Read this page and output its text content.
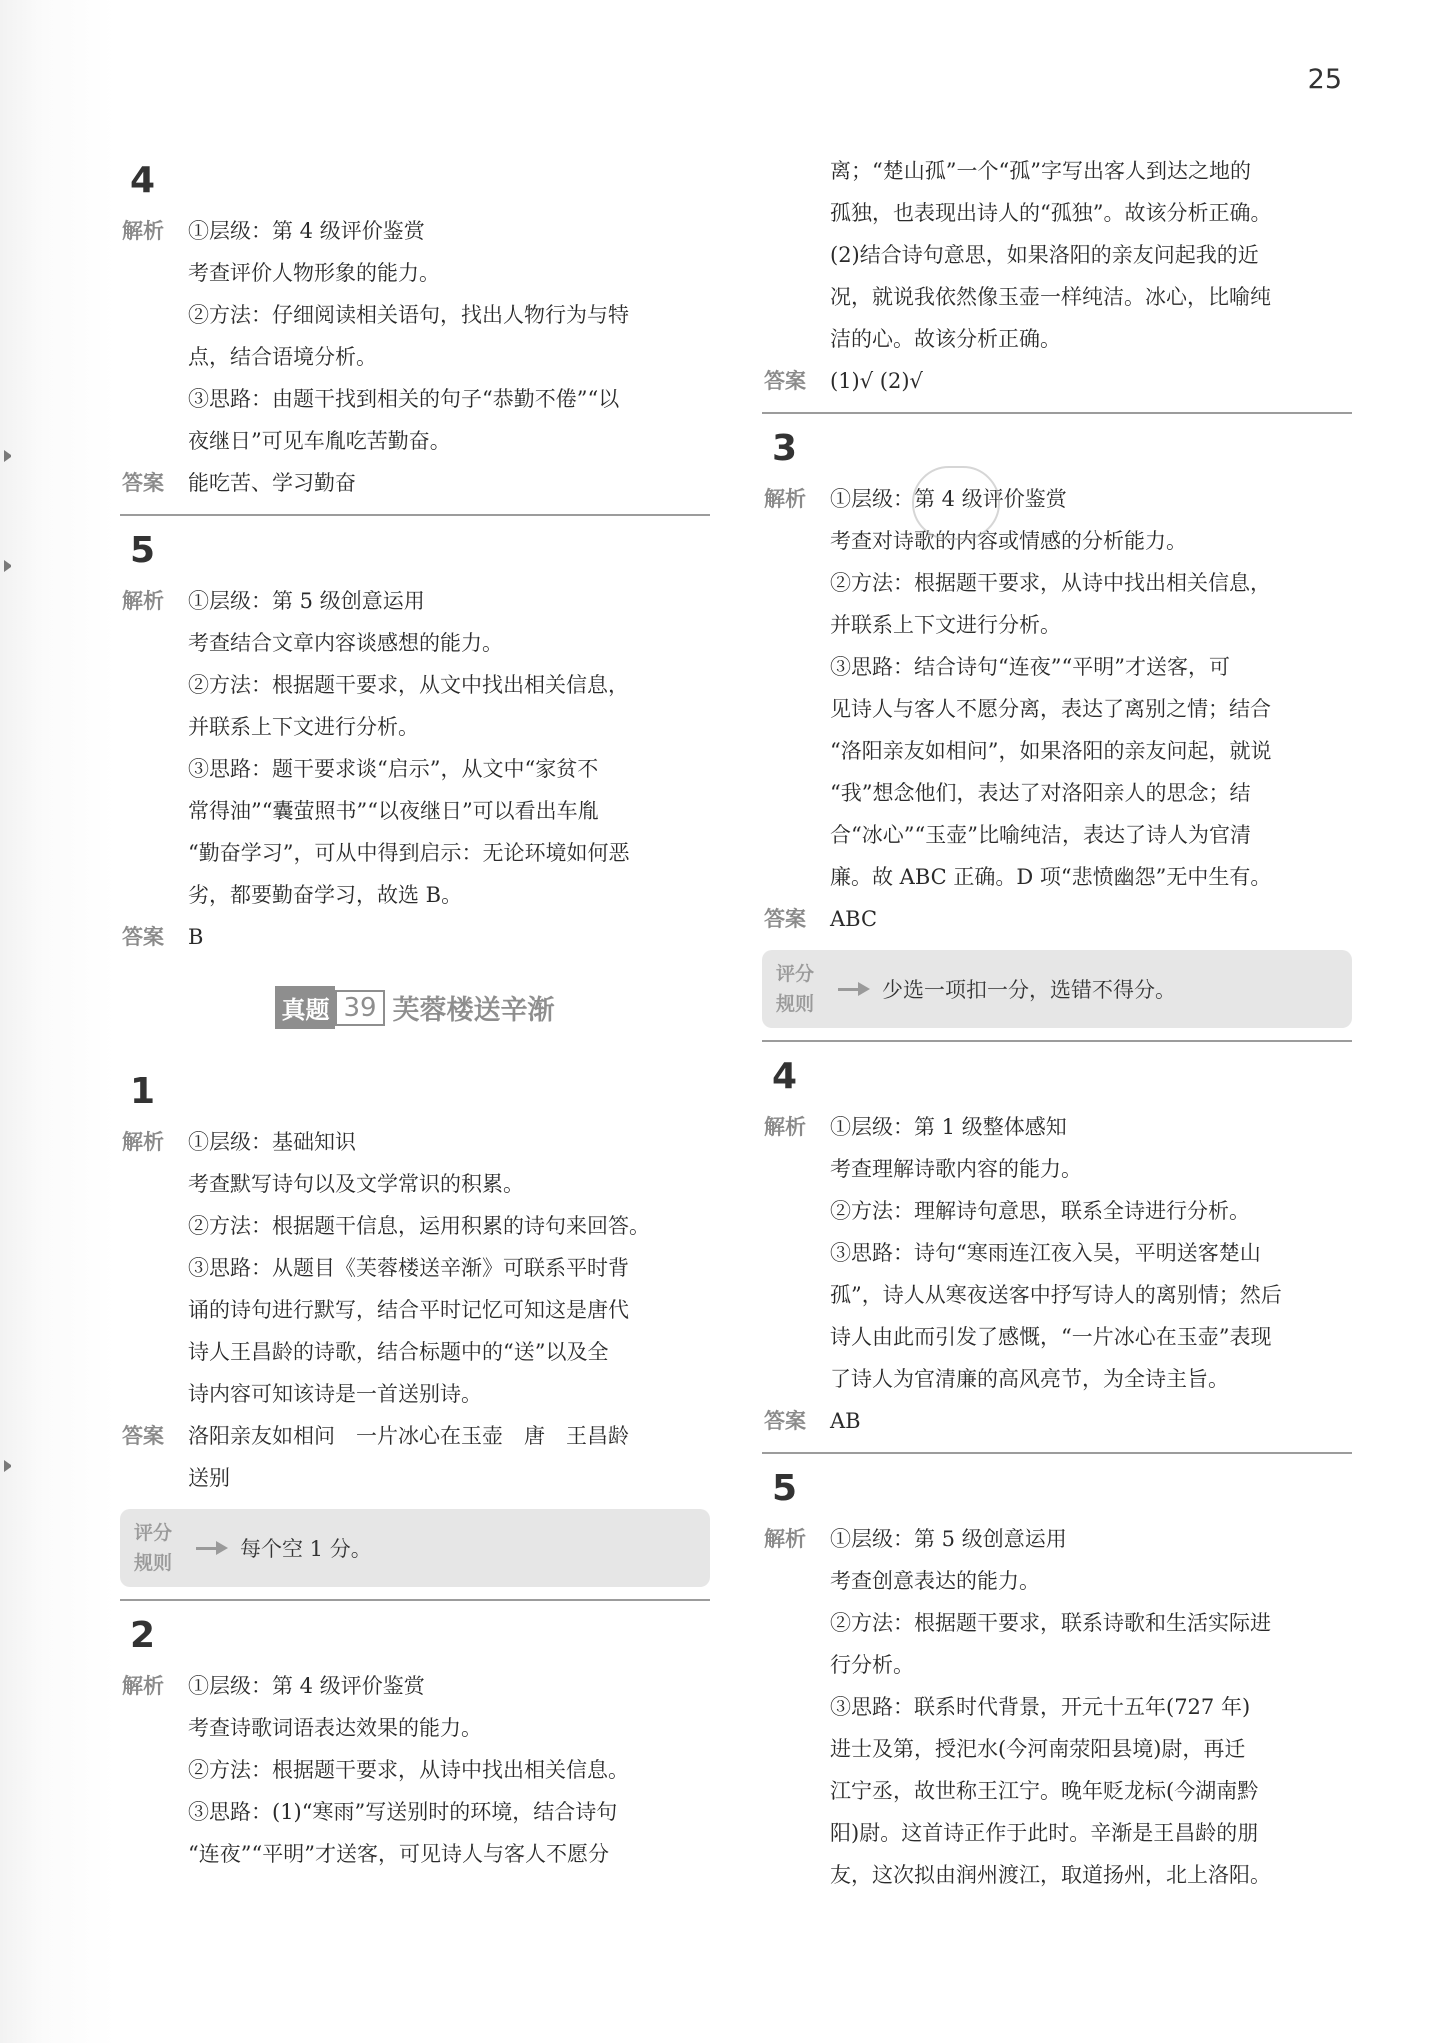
25
4
解析	①层级：第 4 级评价鉴赏
考查评价人物形象的能力。
②方法：仔细阅读相关语句，找出人物行为与特
点，结合语境分析。
③思路：由题干找到相关的句子“恭勤不倦”“以
夜继日”可见车胤吃苦勤奋。
答案	能吃苦、学习勤奋
5
解析	①层级：第 5 级创意运用
考查结合文章内容谈感想的能力。
②方法：根据题干要求，从文中找出相关信息，
并联系上下文进行分析。
③思路：题干要求谈“启示”，从文中“家贫不
常得油”“囊萤照书”“以夜继日”可以看出车胤
“勤奋学习”，可从中得到启示：无论环境如何恶
劣，都要勤奋学习，故选 B。
答案	B
真题 39 芙蓉楼送辛渐
1
解析	①层级：基础知识
考查默写诗句以及文学常识的积累。
②方法：根据题干信息，运用积累的诗句来回答。
③思路：从题目《芙蓉楼送辛渐》可联系平时背
诵的诗句进行默写，结合平时记忆可知这是唐代
诗人王昌龄的诗歌，结合标题中的“送”以及全
诗内容可知该诗是一首送别诗。
答案	洛阳亲友如相问　一片冰心在玉壶　唐　王昌龄
送别
评分
规则
每个空 1 分。
2
解析	①层级：第 4 级评价鉴赏
考查诗歌词语表达效果的能力。
②方法：根据题干要求，从诗中找出相关信息。
③思路：(1)“寒雨”写送别时的环境，结合诗句
“连夜”“平明”才送客，可见诗人与客人不愿分
离；“楚山孤”一个“孤”字写出客人到达之地的
孤独，也表现出诗人的“孤独”。故该分析正确。
(2)结合诗句意思，如果洛阳的亲友问起我的近
况，就说我依然像玉壶一样纯洁。冰心，比喻纯
洁的心。故该分析正确。
答案	(1)√ (2)√
3
解析	①层级：第 4 级评价鉴赏
考查对诗歌的内容或情感的分析能力。
②方法：根据题干要求，从诗中找出相关信息，
并联系上下文进行分析。
③思路：结合诗句“连夜”“平明”才送客，可
见诗人与客人不愿分离，表达了离别之情；结合
“洛阳亲友如相问”，如果洛阳的亲友问起，就说
“我”想念他们，表达了对洛阳亲人的思念；结
合“冰心”“玉壶”比喻纯洁，表达了诗人为官清
廉。故 ABC 正确。D 项“悲愤幽怨”无中生有。
答案	ABC
评分
规则
少选一项扣一分，选错不得分。
4
解析	①层级：第 1 级整体感知
考查理解诗歌内容的能力。
②方法：理解诗句意思，联系全诗进行分析。
③思路：诗句“寒雨连江夜入吴，平明送客楚山
孤”，诗人从寒夜送客中抒写诗人的离别情；然后
诗人由此而引发了感慨，“一片冰心在玉壶”表现
了诗人为官清廉的高风亮节，为全诗主旨。
答案	AB
5
解析	①层级：第 5 级创意运用
考查创意表达的能力。
②方法：根据题干要求，联系诗歌和生活实际进
行分析。
③思路：联系时代背景，开元十五年(727 年)
进士及第，授汜水(今河南荥阳县境)尉，再迁
江宁丞，故世称王江宁。晚年贬龙标(今湖南黔
阳)尉。这首诗正作于此时。辛渐是王昌龄的朋
友，这次拟由润州渡江，取道扬州，北上洛阳。
